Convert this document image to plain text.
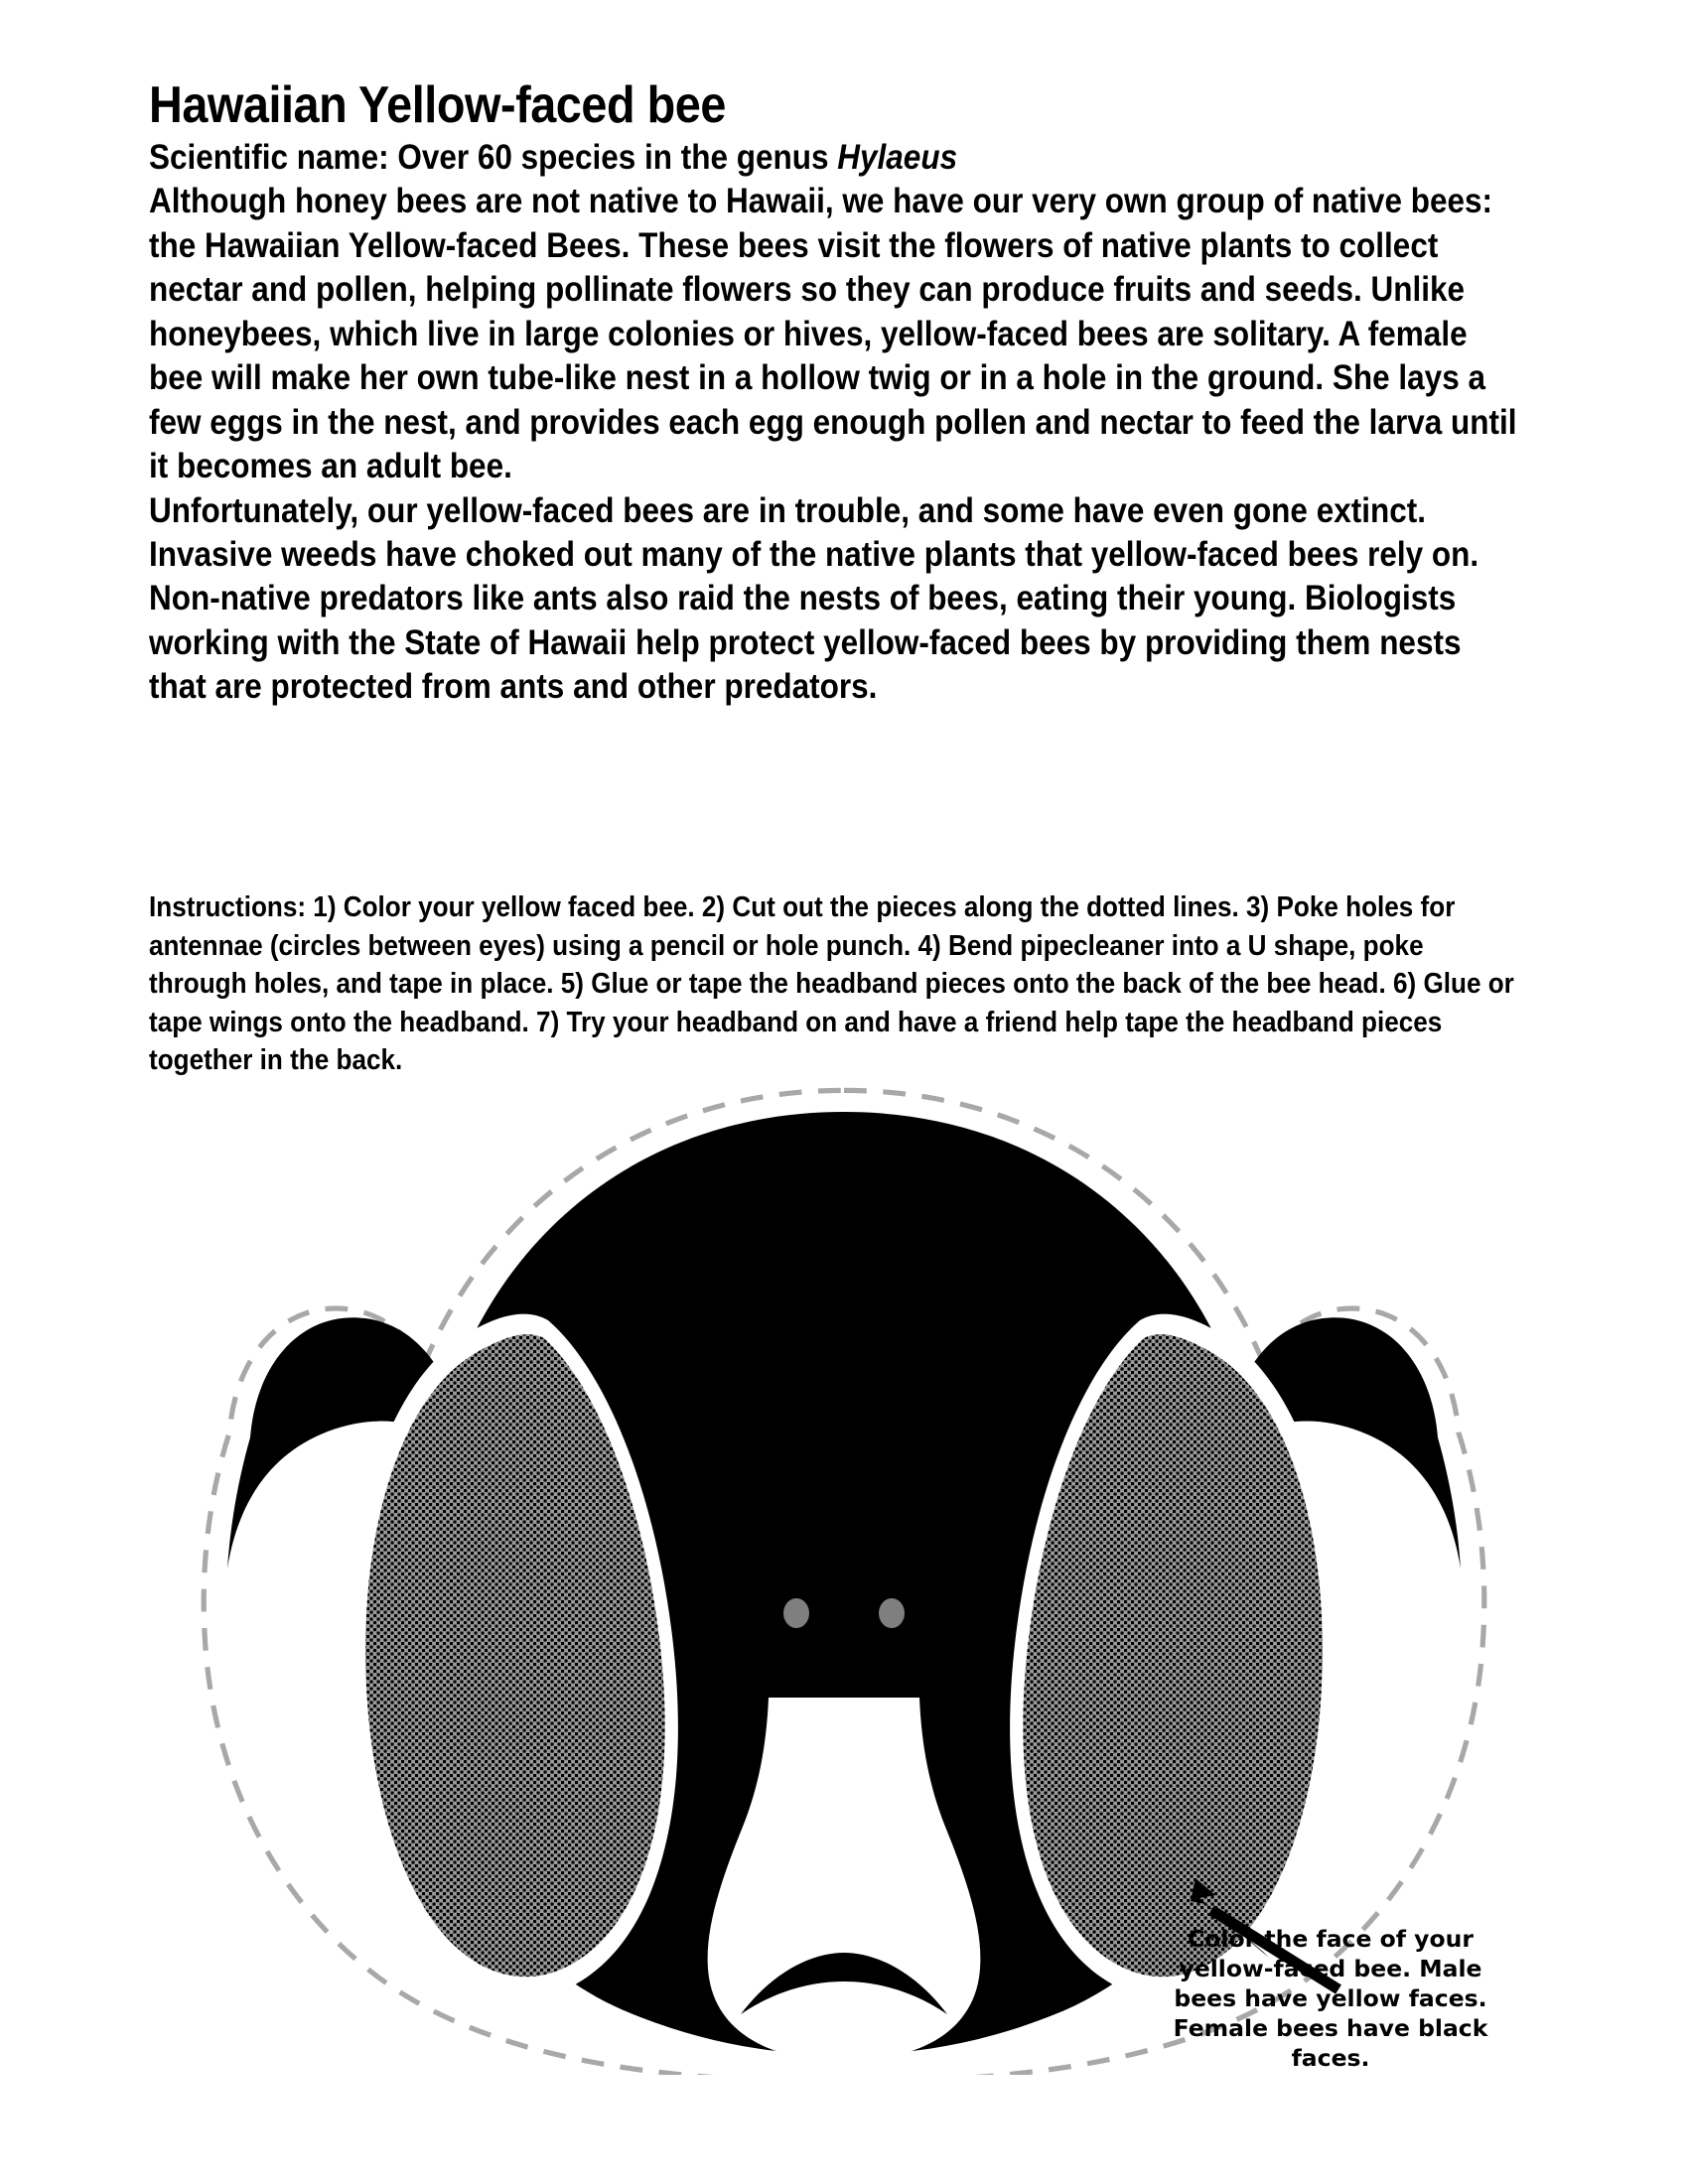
Hawaiian Yellow-faced bee

Scientific name: Over 60 species in the genus Hylaeus

Although honey bees are not native to Hawaii, we have our very own group of native bees: the Hawaiian Yellow-faced Bees. These bees visit the flowers of native plants to collect nectar and pollen, helping pollinate flowers so they can produce fruits and seeds. Unlike honeybees, which live in large colonies or hives, yellow-faced bees are solitary. A female bee will make her own tube-like nest in a hollow twig or in a hole in the ground. She lays a few eggs in the nest, and provides each egg enough pollen and nectar to feed the larva until it becomes an adult bee.

Unfortunately, our yellow-faced bees are in trouble, and some have even gone extinct. Invasive weeds have choked out many of the native plants that yellow-faced bees rely on. Non-native predators like ants also raid the nests of bees, eating their young. Biologists working with the State of Hawaii help protect yellow-faced bees by providing them nests that are protected from ants and other predators.

Instructions: 1) Color your yellow faced bee. 2) Cut out the pieces along the dotted lines. 3) Poke holes for antennae (circles between eyes) using a pencil or hole punch. 4) Bend pipecleaner into a U shape, poke through holes, and tape in place. 5) Glue or tape the headband pieces onto the back of the bee head. 6) Glue or tape wings onto the headband. 7) Try your headband on and have a friend help tape the headband pieces together in the back.

Color the face of your yellow-faced bee. Male bees have yellow faces. Female bees have black faces.
